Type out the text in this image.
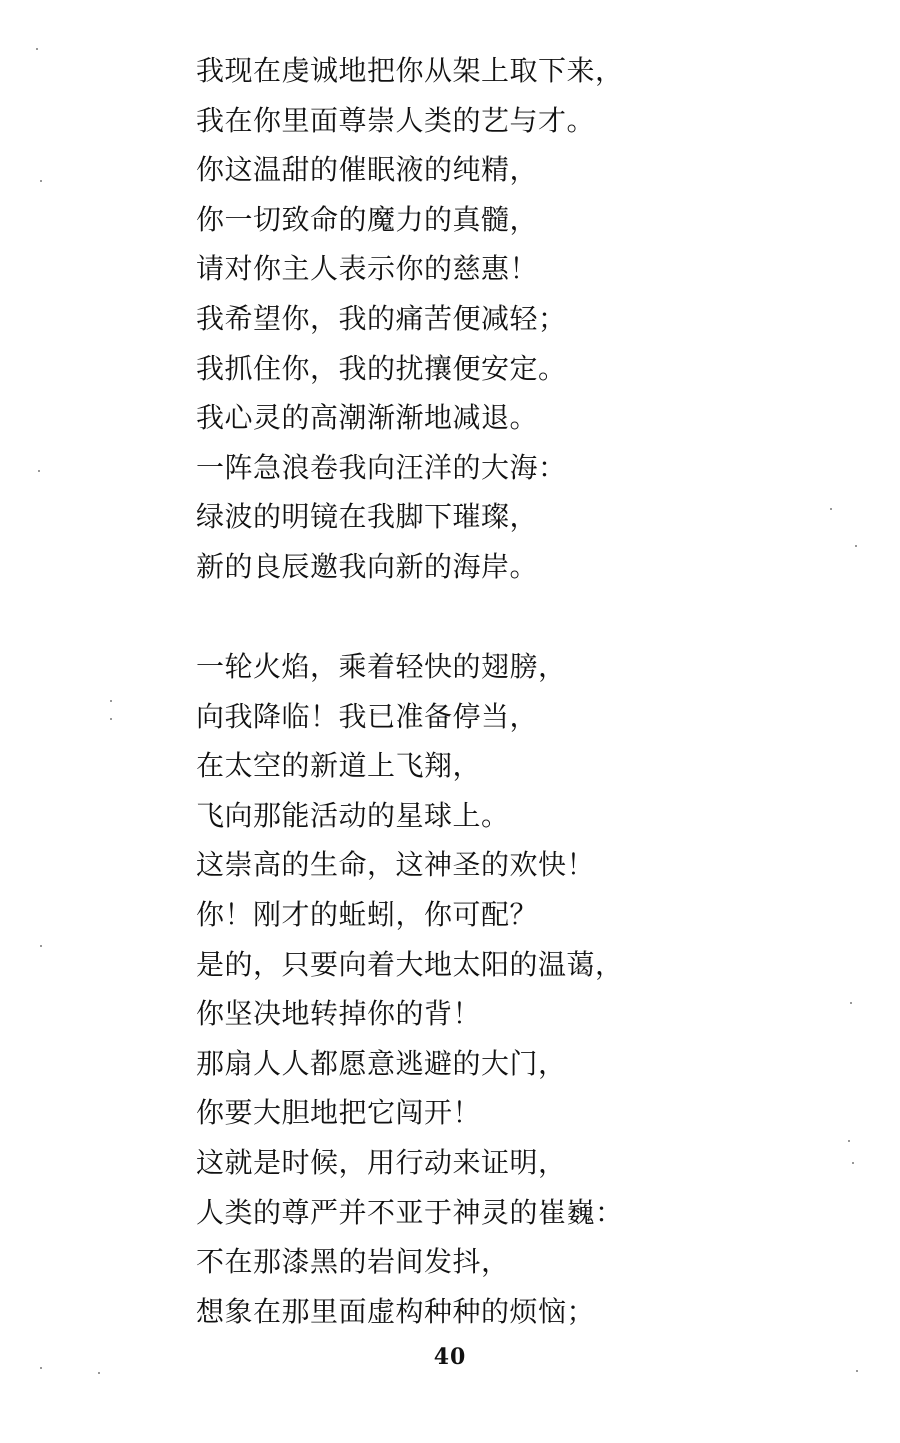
我现在虔诚地把你从架上取下来，
我在你里面尊崇人类的艺与才。
你这温甜的催眠液的纯精，
你一切致命的魔力的真髓，
请对你主人表示你的慈惠！
我希望你，我的痛苦便减轻；
我抓住你，我的扰攘便安定。
我心灵的高潮渐渐地减退。
一阵急浪卷我向汪洋的大海：
绿波的明镜在我脚下璀璨，
新的良辰邀我向新的海岸。
一轮火焰，乘着轻快的翅膀，
向我降临！我已准备停当，
在太空的新道上飞翔，
飞向那能活动的星球上。
这崇高的生命，这神圣的欢快！
你！刚才的蚯蚓，你可配？
是的，只要向着大地太阳的温蔼，
你坚决地转掉你的背！
那扇人人都愿意逃避的大门，
你要大胆地把它闯开！
这就是时候，用行动来证明，
人类的尊严并不亚于神灵的崔巍：
不在那漆黑的岩间发抖，
想象在那里面虚构种种的烦恼；
40
